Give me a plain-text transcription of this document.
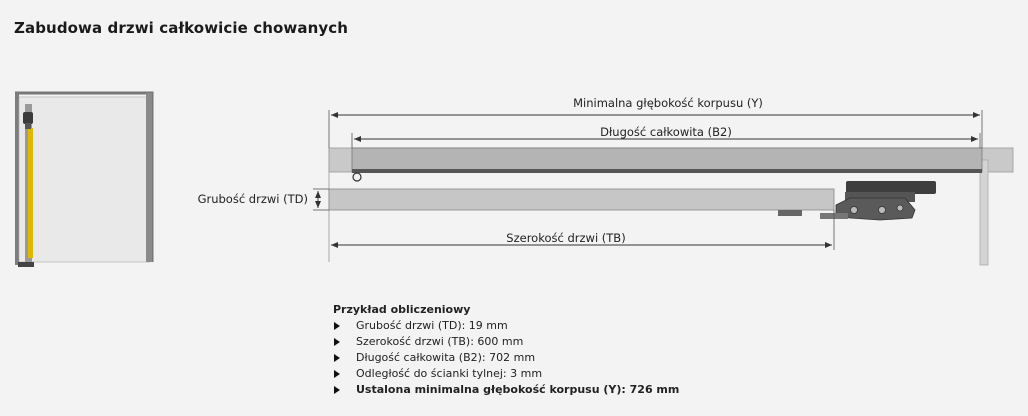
Zabudowa drzwi całkowicie chowanych
Minimalna głębokość korpusu (Y)
Długość całkowita (B2)
Grubość drzwi (TD)
Szerokość drzwi (TB)
Przykład obliczeniowy
Grubość drzwi (TD): 19 mm
Szerokość drzwi (TB): 600 mm
Długość całkowita (B2): 702 mm
Odległość do ścianki tylnej: 3 mm
Ustalona minimalna głębokość korpusu (Y): 726 mm
